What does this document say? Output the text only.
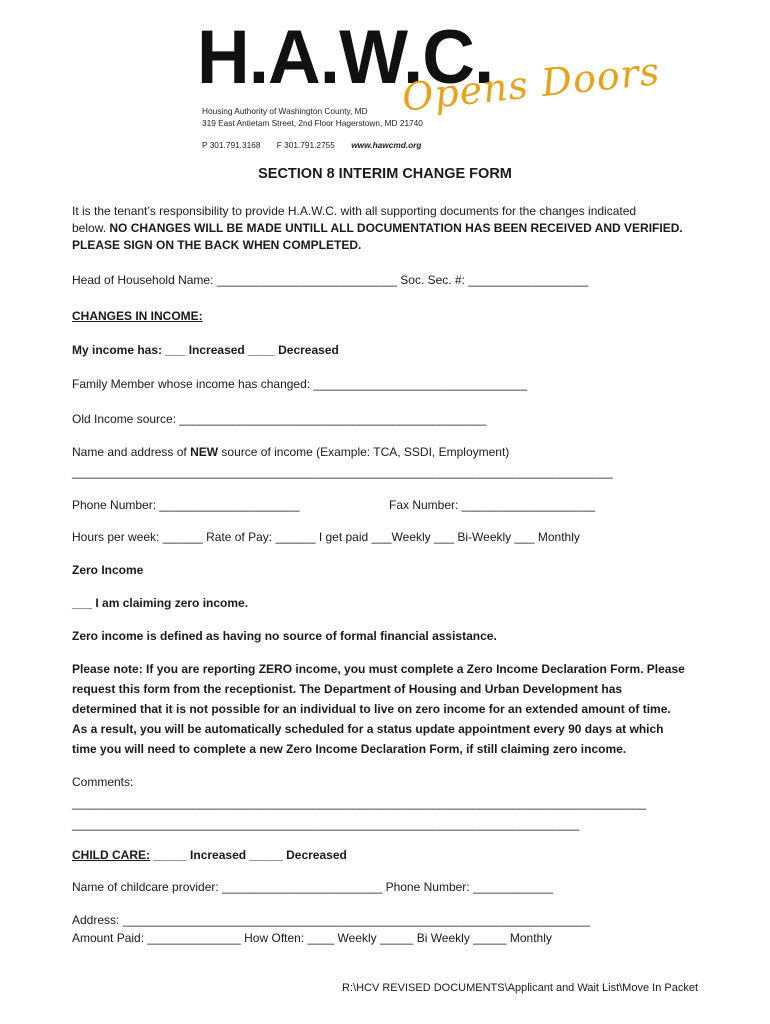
H.A.W.C.
Opens Doors
Housing Authority of Washington County, MD
319 East Antietam Street, 2nd Floor Hagerstown, MD 21740
P 301.791.3168 F 301.791.2755 www.hawcmd.org
SECTION 8 INTERIM CHANGE FORM
It is the tenant’s responsibility to provide H.A.W.C. with all supporting documents for the changes indicated
below. NO CHANGES WILL BE MADE UNTILL ALL DOCUMENTATION HAS BEEN RECEIVED AND VERIFIED.
PLEASE SIGN ON THE BACK WHEN COMPLETED.
Head of Household Name: ___________________________ Soc. Sec. #: __________________
CHANGES IN INCOME:
My income has: ___ Increased ____ Decreased
Family Member whose income has changed: ________________________________
Old Income source: ______________________________________________
Name and address of NEW source of income (Example: TCA, SSDI, Employment)
_________________________________________________________________________________
Phone Number: _____________________	Fax Number: ____________________
Hours per week: ______ Rate of Pay: ______ I get paid ___Weekly ___ Bi-Weekly ___ Monthly
Zero Income
___ I am claiming zero income.
Zero income is defined as having no source of formal financial assistance.
Please note: If you are reporting ZERO income, you must complete a Zero Income Declaration Form. Please
request this form from the receptionist. The Department of Housing and Urban Development has
determined that it is not possible for an individual to live on zero income for an extended amount of time.
As a result, you will be automatically scheduled for a status update appointment every 90 days at which
time you will need to complete a new Zero Income Declaration Form, if still claiming zero income.
Comments:
______________________________________________________________________________________
____________________________________________________________________________
CHILD CARE: _____ Increased _____ Decreased
Name of childcare provider: ________________________ Phone Number: ____________
Address: ______________________________________________________________________
Amount Paid: ______________ How Often: ____ Weekly _____ Bi Weekly _____ Monthly
R:\HCV REVISED DOCUMENTS\Applicant and Wait List\Move In Packet
